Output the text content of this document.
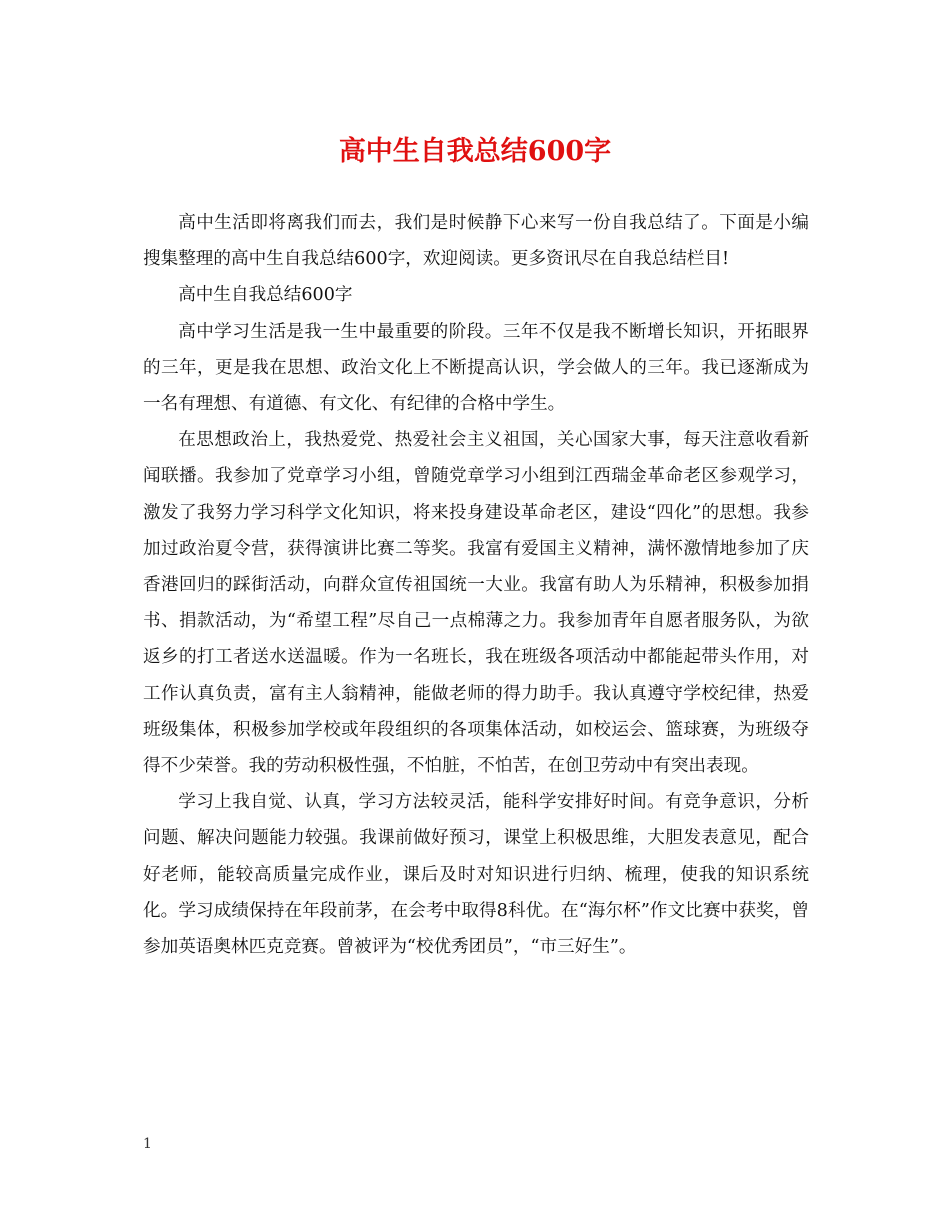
高中生自我总结600字

高中生活即将离我们而去，我们是时候静下心来写一份自我总结了。下面是小编搜集整理的高中生自我总结600字，欢迎阅读。更多资讯尽在自我总结栏目!

高中生自我总结600字

高中学习生活是我一生中最重要的阶段。三年不仅是我不断增长知识，开拓眼界的三年，更是我在思想、政治文化上不断提高认识，学会做人的三年。我已逐渐成为一名有理想、有道德、有文化、有纪律的合格中学生。

在思想政治上，我热爱党、热爱社会主义祖国，关心国家大事，每天注意收看新闻联播。我参加了党章学习小组，曾随党章学习小组到江西瑞金革命老区参观学习，激发了我努力学习科学文化知识，将来投身建设革命老区，建设“四化”的思想。我参加过政治夏令营，获得演讲比赛二等奖。我富有爱国主义精神，满怀激情地参加了庆香港回归的踩街活动，向群众宣传祖国统一大业。我富有助人为乐精神，积极参加捐书、捐款活动，为“希望工程”尽自己一点棉薄之力。我参加青年自愿者服务队，为欲返乡的打工者送水送温暖。作为一名班长，我在班级各项活动中都能起带头作用，对工作认真负责，富有主人翁精神，能做老师的得力助手。我认真遵守学校纪律，热爱班级集体，积极参加学校或年段组织的各项集体活动，如校运会、篮球赛，为班级夺得不少荣誉。我的劳动积极性强，不怕脏，不怕苦，在创卫劳动中有突出表现。

学习上我自觉、认真，学习方法较灵活，能科学安排好时间。有竞争意识，分析问题、解决问题能力较强。我课前做好预习，课堂上积极思维，大胆发表意见，配合好老师，能较高质量完成作业，课后及时对知识进行归纳、梳理，使我的知识系统化。学习成绩保持在年段前茅，在会考中取得8科优。在“海尔杯”作文比赛中获奖，曾参加英语奥林匹克竞赛。曾被评为“校优秀团员”，“市三好生”。

1
